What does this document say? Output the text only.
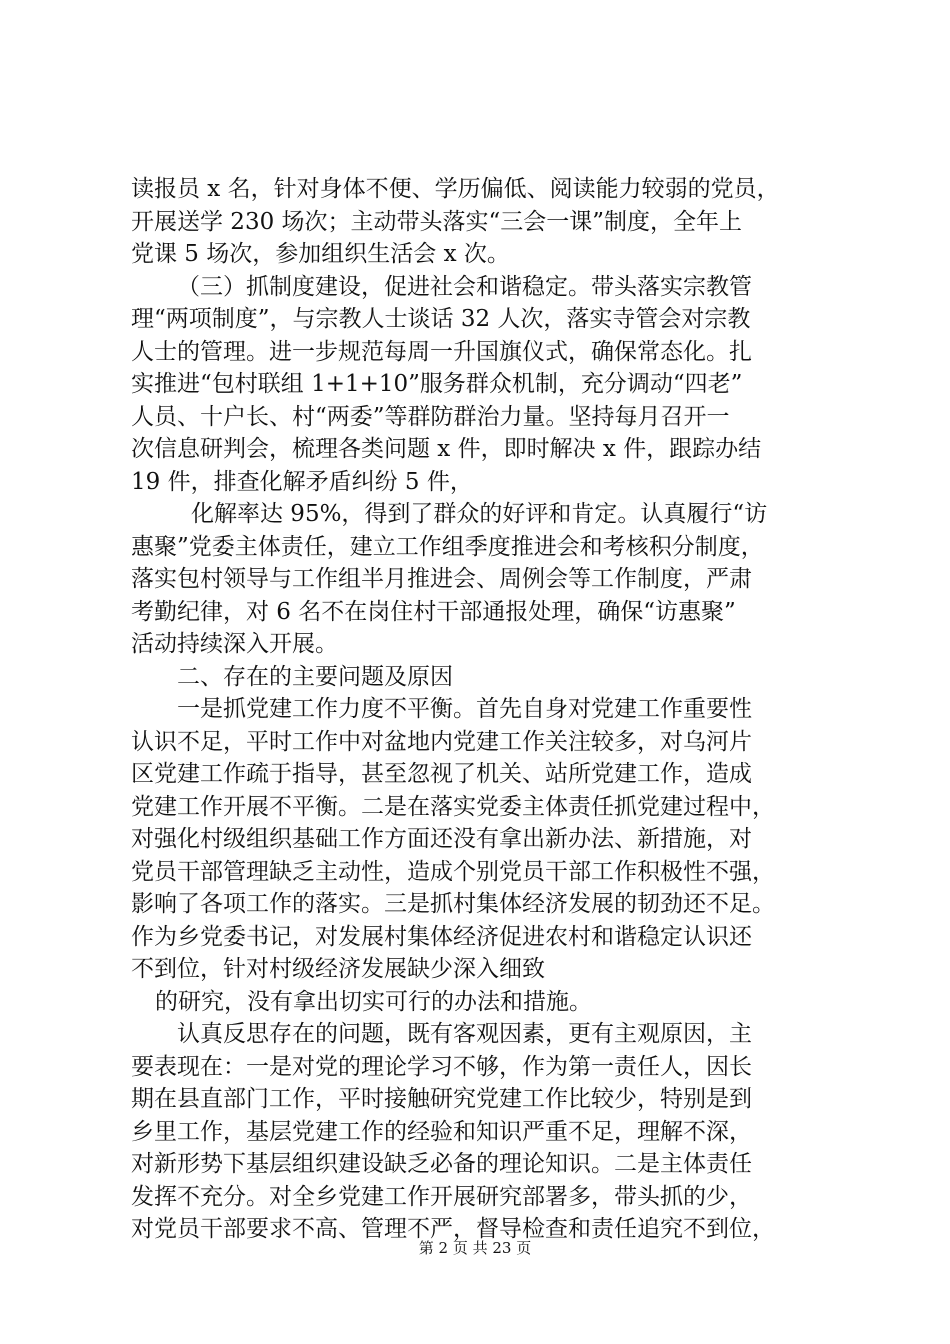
读报员 x 名，针对身体不便、学历偏低、阅读能力较弱的党员，
开展送学 230 场次；主动带头落实“三会一课”制度，全年上
党课 5 场次，参加组织生活会 x 次。
（三）抓制度建设，促进社会和谐稳定。带头落实宗教管
理“两项制度”，与宗教人士谈话 32 人次，落实寺管会对宗教
人士的管理。进一步规范每周一升国旗仪式，确保常态化。扎
实推进“包村联组 1+1+10”服务群众机制，充分调动“四老”
人员、十户长、村“两委”等群防群治力量。坚持每月召开一
次信息研判会，梳理各类问题 x 件，即时解决 x 件，跟踪办结
19 件，排查化解矛盾纠纷 5 件，
化解率达 95%，得到了群众的好评和肯定。认真履行“访
惠聚”党委主体责任，建立工作组季度推进会和考核积分制度，
落实包村领导与工作组半月推进会、周例会等工作制度，严肃
考勤纪律，对 6 名不在岗住村干部通报处理，确保“访惠聚”
活动持续深入开展。
二、存在的主要问题及原因
一是抓党建工作力度不平衡。首先自身对党建工作重要性
认识不足，平时工作中对盆地内党建工作关注较多，对乌河片
区党建工作疏于指导，甚至忽视了机关、站所党建工作，造成
党建工作开展不平衡。二是在落实党委主体责任抓党建过程中，
对强化村级组织基础工作方面还没有拿出新办法、新措施，对
党员干部管理缺乏主动性，造成个别党员干部工作积极性不强，
影响了各项工作的落实。三是抓村集体经济发展的韧劲还不足。
作为乡党委书记，对发展村集体经济促进农村和谐稳定认识还
不到位，针对村级经济发展缺少深入细致
的研究，没有拿出切实可行的办法和措施。
认真反思存在的问题，既有客观因素，更有主观原因，主
要表现在：一是对党的理论学习不够，作为第一责任人，因长
期在县直部门工作，平时接触研究党建工作比较少，特别是到
乡里工作，基层党建工作的经验和知识严重不足，理解不深，
对新形势下基层组织建设缺乏必备的理论知识。二是主体责任
发挥不充分。对全乡党建工作开展研究部署多，带头抓的少，
对党员干部要求不高、管理不严，督导检查和责任追究不到位，
第 2 页 共 23 页
